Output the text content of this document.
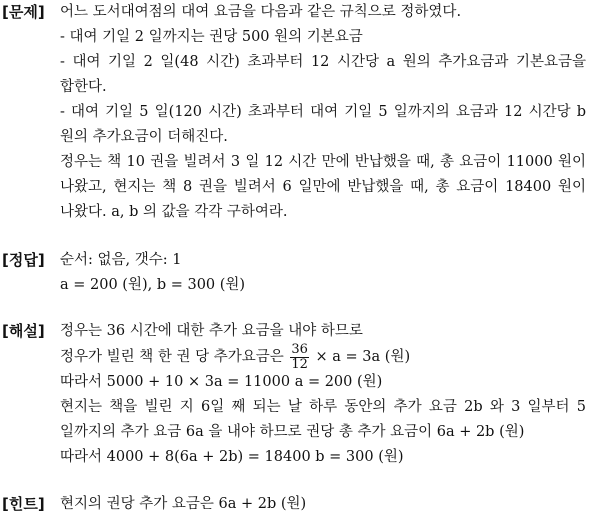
[문제] 어느 도서대여점의 대여 요금을 다음과 같은 규칙으로 정하였다.
- 대여 기일 2 일까지는 권당 500 원의 기본요금
- 대여 기일 2 일(48 시간) 초과부터 12 시간당 a 원의 추가요금과 기본요금을
합한다.
- 대여 기일 5 일(120 시간) 초과부터 대여 기일 5 일까지의 요금과 12 시간당 b
원의 추가요금이 더해진다.
정우는 책 10 권을 빌려서 3 일 12 시간 만에 반납했을 때, 총 요금이 11000 원이
나왔고, 현지는 책 8 권을 빌려서 6 일만에 반납했을 때, 총 요금이 18400 원이
나왔다. a, b 의 값을 각각 구하여라.
[정답] 순서: 없음, 갯수: 1
a = 200 (원), b = 300 (원)
[해설] 정우는 36 시간에 대한 추가 요금을 내야 하므로
정우가 빌린 책 한 권 당 추가요금은 $\frac{36}{12} \times a = 3a$ (원)
따라서 5000 + 10 × 3a = 11000 a = 200 (원)
현지는 책을 빌린 지 6일 째 되는 날 하루 동안의 추가 요금 2b 와 3 일부터 5
일까지의 추가 요금 6a 을 내야 하므로 권당 총 추가 요금이 6a + 2b (원)
따라서 4000 + 8(6a + 2b) = 18400 b = 300 (원)
[힌트] 현지의 권당 추가 요금은 6a + 2b (원)
